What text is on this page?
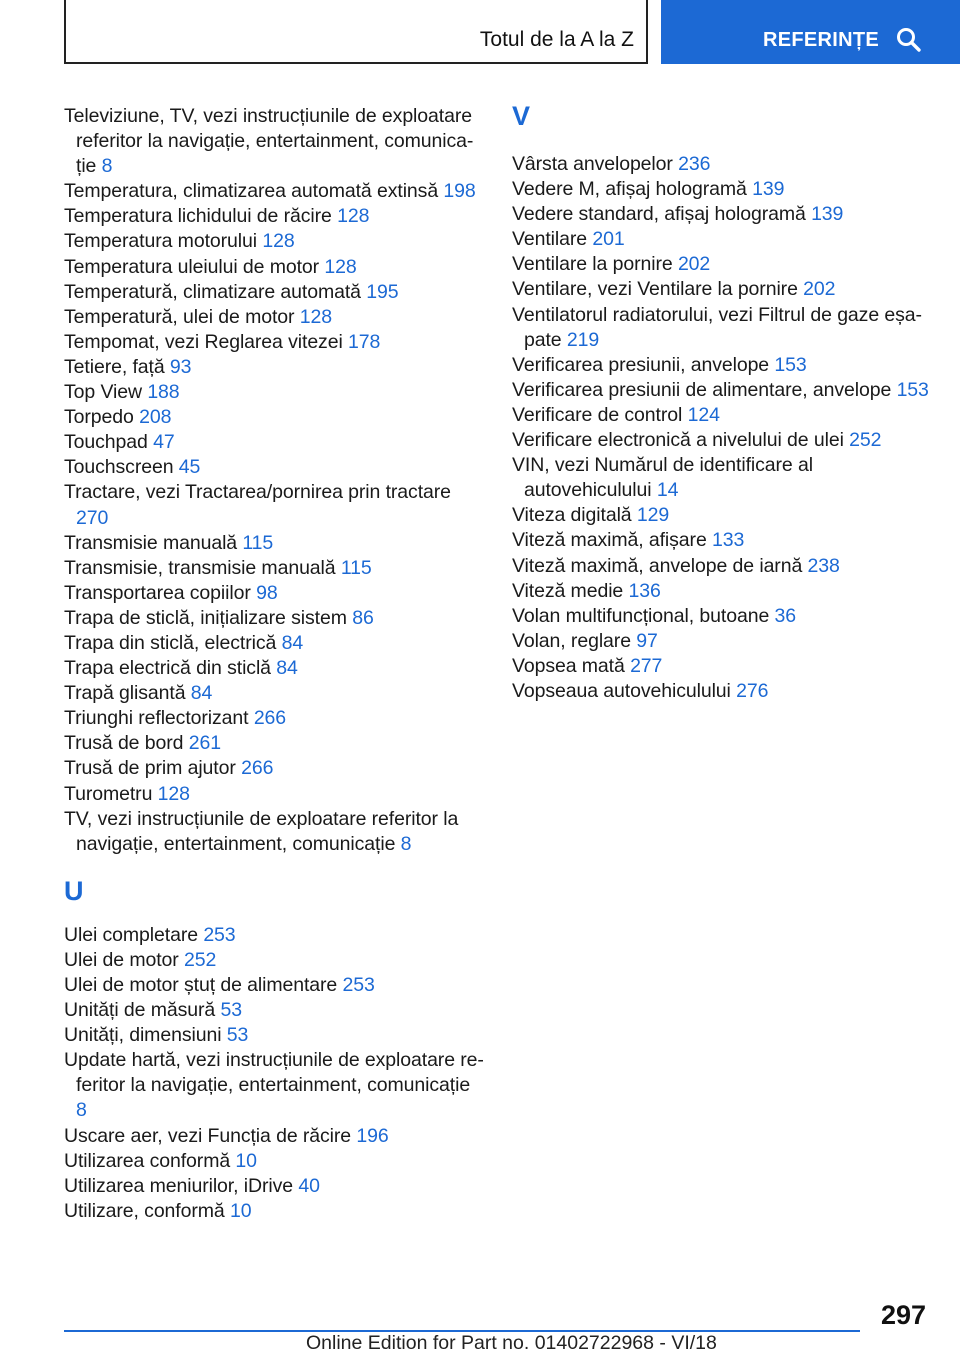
Totul de la A la Z	REFERINȚE

Televiziune, TV, vezi instrucțiunile de exploatare referitor la navigație, entertainment, comunicație 8

Temperatura, climatizarea automată extinsă 198

Temperatura lichidului de răcire 128

Temperatura motorului 128

Temperatura uleiului de motor 128

Temperatură, climatizare automată 195

Temperatură, ulei de motor 128

Tempomat, vezi Reglarea vitezei 178

Tetiere, față 93

Top View 188

Torpedo 208

Touchpad 47

Touchscreen 45

Tractare, vezi Tractarea/pornirea prin tractare 270

Transmisie manuală 115

Transmisie, transmisie manuală 115

Transportarea copiilor 98

Trapa de sticlă, inițializare sistem 86

Trapa din sticlă, electrică 84

Trapa electrică din sticlă 84

Trapă glisantă 84

Triunghi reflectorizant 266

Trusă de bord 261

Trusă de prim ajutor 266

Turometru 128

TV, vezi instrucțiunile de exploatare referitor la navigație, entertainment, comunicație 8

U

Ulei completare 253

Ulei de motor 252

Ulei de motor ștuț de alimentare 253

Unități de măsură 53

Unități, dimensiuni 53

Update hartă, vezi instrucțiunile de exploatare referitor la navigație, entertainment, comunicație 8

Uscare aer, vezi Funcția de răcire 196

Utilizarea conformă 10

Utilizarea meniurilor, iDrive 40

Utilizare, conformă 10

V

Vârsta anvelopelor 236

Vedere M, afișaj hologramă 139

Vedere standard, afișaj hologramă 139

Ventilare 201

Ventilare la pornire 202

Ventilare, vezi Ventilare la pornire 202

Ventilatorul radiatorului, vezi Filtrul de gaze eșapate 219

Verificarea presiunii, anvelope 153

Verificarea presiunii de alimentare, anvelope 153

Verificare de control 124

Verificare electronică a nivelului de ulei 252

VIN, vezi Numărul de identificare al autovehiculului 14

Viteza digitală 129

Viteză maximă, afișare 133

Viteză maximă, anvelope de iarnă 238

Viteză medie 136

Volan multifuncțional, butoane 36

Volan, reglare 97

Vopsea mată 277

Vopseaua autovehiculului 276

297
Online Edition for Part no. 01402722968 - VI/18
